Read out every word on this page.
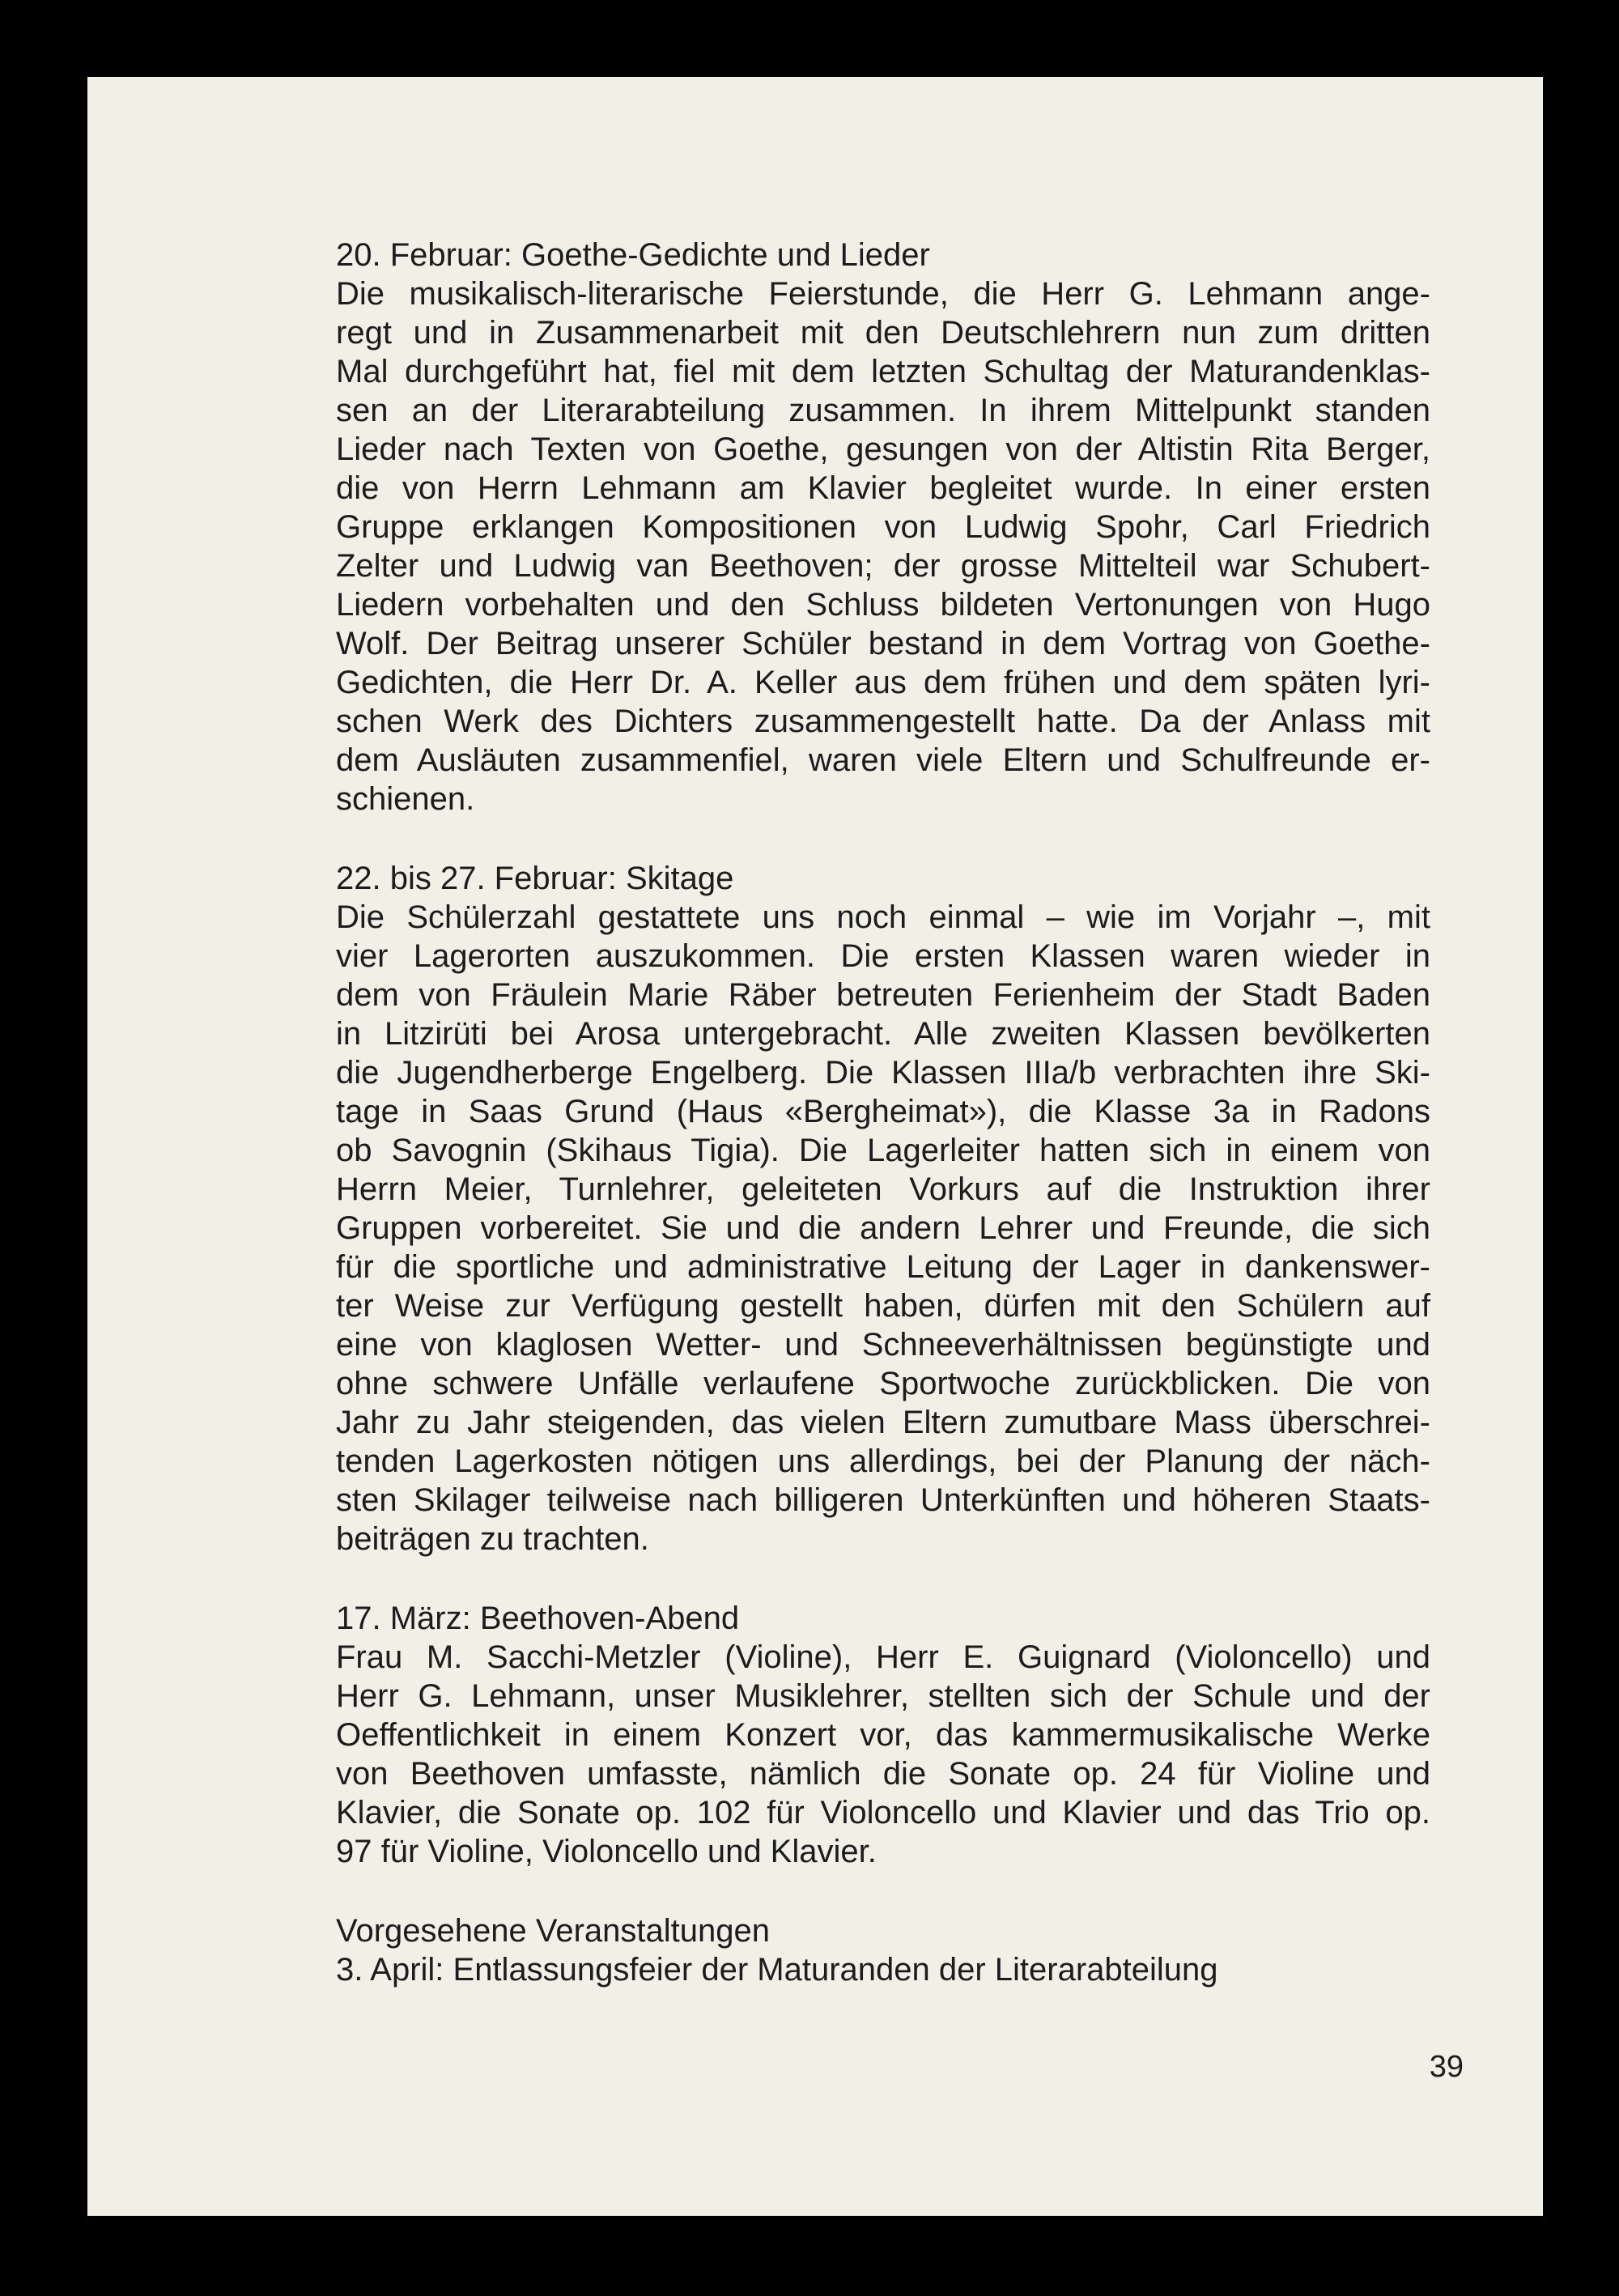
20. Februar: Goethe-Gedichte und Lieder
Die musikalisch-literarische Feierstunde, die Herr G. Lehmann ange-
regt und in Zusammenarbeit mit den Deutschlehrern nun zum dritten
Mal durchgeführt hat, fiel mit dem letzten Schultag der Maturandenklas-
sen an der Literarabteilung zusammen. In ihrem Mittelpunkt standen
Lieder nach Texten von Goethe, gesungen von der Altistin Rita Berger,
die von Herrn Lehmann am Klavier begleitet wurde. In einer ersten
Gruppe erklangen Kompositionen von Ludwig Spohr, Carl Friedrich
Zelter und Ludwig van Beethoven; der grosse Mittelteil war Schubert-
Liedern vorbehalten und den Schluss bildeten Vertonungen von Hugo
Wolf. Der Beitrag unserer Schüler bestand in dem Vortrag von Goethe-
Gedichten, die Herr Dr. A. Keller aus dem frühen und dem späten lyri-
schen Werk des Dichters zusammengestellt hatte. Da der Anlass mit
dem Ausläuten zusammenfiel, waren viele Eltern und Schulfreunde er-
schienen.
22. bis 27. Februar: Skitage
Die Schülerzahl gestattete uns noch einmal – wie im Vorjahr –, mit
vier Lagerorten auszukommen. Die ersten Klassen waren wieder in
dem von Fräulein Marie Räber betreuten Ferienheim der Stadt Baden
in Litzirüti bei Arosa untergebracht. Alle zweiten Klassen bevölkerten
die Jugendherberge Engelberg. Die Klassen IIIa/b verbrachten ihre Ski-
tage in Saas Grund (Haus «Bergheimat»), die Klasse 3a in Radons
ob Savognin (Skihaus Tigia). Die Lagerleiter hatten sich in einem von
Herrn Meier, Turnlehrer, geleiteten Vorkurs auf die Instruktion ihrer
Gruppen vorbereitet. Sie und die andern Lehrer und Freunde, die sich
für die sportliche und administrative Leitung der Lager in dankenswer-
ter Weise zur Verfügung gestellt haben, dürfen mit den Schülern auf
eine von klaglosen Wetter- und Schneeverhältnissen begünstigte und
ohne schwere Unfälle verlaufene Sportwoche zurückblicken. Die von
Jahr zu Jahr steigenden, das vielen Eltern zumutbare Mass überschrei-
tenden Lagerkosten nötigen uns allerdings, bei der Planung der näch-
sten Skilager teilweise nach billigeren Unterkünften und höheren Staats-
beiträgen zu trachten.
17. März: Beethoven-Abend
Frau M. Sacchi-Metzler (Violine), Herr E. Guignard (Violoncello) und
Herr G. Lehmann, unser Musiklehrer, stellten sich der Schule und der
Oeffentlichkeit in einem Konzert vor, das kammermusikalische Werke
von Beethoven umfasste, nämlich die Sonate op. 24 für Violine und
Klavier, die Sonate op. 102 für Violoncello und Klavier und das Trio op.
97 für Violine, Violoncello und Klavier.
Vorgesehene Veranstaltungen
3. April: Entlassungsfeier der Maturanden der Literarabteilung
39
